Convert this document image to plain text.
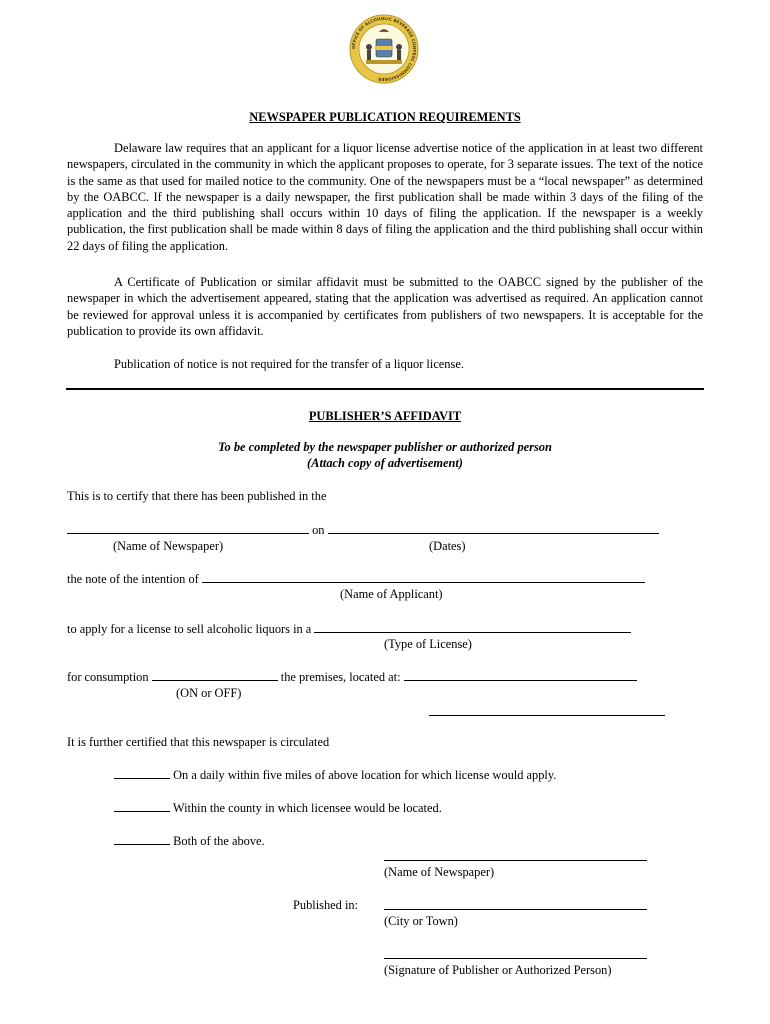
OFFICE OF ALCOHOLIC BEVERAGE CONTROL COMMISSIONER
NEWSPAPER PUBLICATION REQUIREMENTS
Delaware law requires that an applicant for a liquor license advertise notice of the application in at least two different newspapers, circulated in the community in which the applicant proposes to operate, for 3 separate issues. The text of the notice is the same as that used for mailed notice to the community. One of the newspapers must be a “local newspaper” as determined by the OABCC. If the newspaper is a daily newspaper, the first publication shall be made within 3 days of the filing of the application and the third publishing shall occurs within 10 days of filing the application. If the newspaper is a weekly publication, the first publication shall be made within 8 days of filing the application and the third publishing shall occur within 22 days of filing the application.
A Certificate of Publication or similar affidavit must be submitted to the OABCC signed by the publisher of the newspaper in which the advertisement appeared, stating that the application was advertised as required. An application cannot be reviewed for approval unless it is accompanied by certificates from publishers of two newspapers. It is acceptable for the publication to provide its own affidavit.
Publication of notice is not required for the transfer of a liquor license.
PUBLISHER’S AFFIDAVIT
To be completed by the newspaper publisher or authorized person
(Attach copy of advertisement)
This is to certify that there has been published in the
on
(Name of Newspaper)	(Dates)
the note of the intention of
(Name of Applicant)
to apply for a license to sell alcoholic liquors in a
(Type of License)
for consumption	the premises, located at:
(ON or OFF)
It is further certified that this newspaper is circulated
On a daily within five miles of above location for which license would apply.
Within the county in which licensee would be located.
Both of the above.
(Name of Newspaper)
Published in:
(City or Town)
(Signature of Publisher or Authorized Person)
